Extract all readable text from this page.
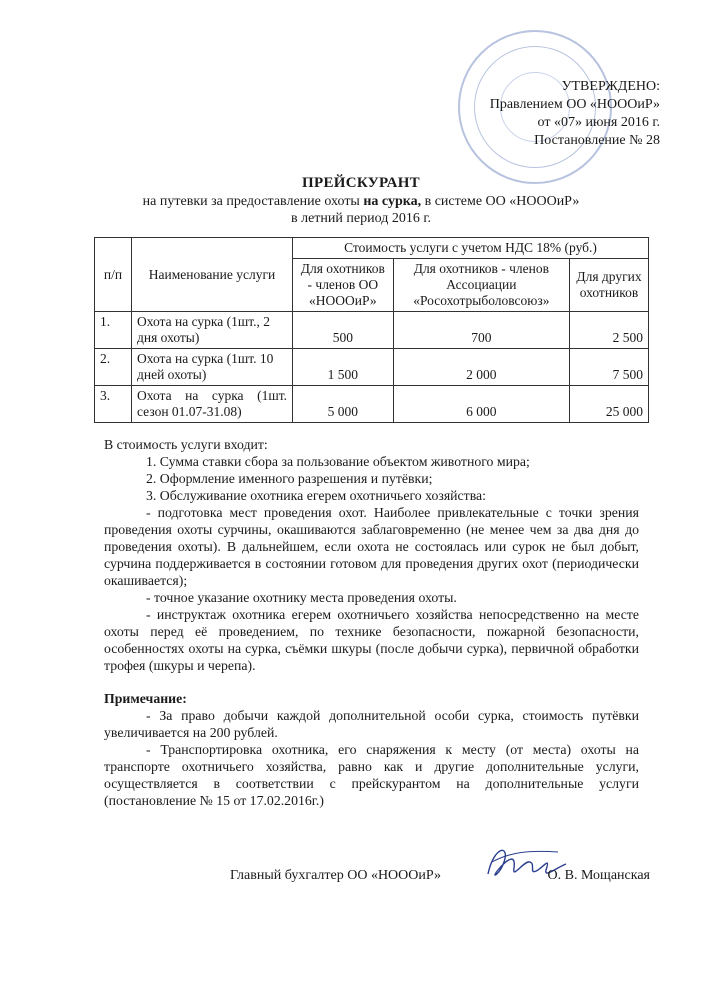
УТВЕРЖДЕНО:
Правлением ОО «НОООиР»
от «07» июня 2016 г.
Постановление № 28
ПРЕЙСКУРАНТ
на путевки за предоставление охоты на сурка, в системе ОО «НОООиР»
в летний период 2016 г.
п/п	Наименование услуги	Стоимость услуги с учетом НДС 18% (руб.)		
		Для охотников - членов ОО «НОООиР»	Для охотников - членов Ассоциации «Росохотрыболовсоюз»	Для других охотников
1.	Охота на сурка (1шт., 2 дня охоты)	500	700	2 500
2.	Охота на сурка (1шт. 10 дней охоты)	1 500	2 000	7 500
3.	Охота на сурка (1шт. сезон 01.07-31.08)	5 000	6 000	25 000
В стоимость услуги входит:
1. Сумма ставки сбора за пользование объектом животного мира;
2. Оформление именного разрешения и путёвки;
3. Обслуживание охотника егерем охотничьего хозяйства:
- подготовка мест проведения охот. Наиболее привлекательные с точки зрения проведения охоты сурчины, окашиваются заблаговременно (не менее чем за два дня до проведения охоты). В дальнейшем, если охота не состоялась или сурок не был добыт, сурчина поддерживается в состоянии готовом для проведения других охот (периодически окашивается);
- точное указание охотнику места проведения охоты.
- инструктаж охотника егерем охотничьего хозяйства непосредственно на месте охоты перед её проведением, по технике безопасности, пожарной безопасности, особенностях охоты на сурка, съёмки шкуры (после добычи сурка), первичной обработки трофея (шкуры и черепа).
Примечание:
- За право добычи каждой дополнительной особи сурка, стоимость путёвки увеличивается на 200 рублей.
- Транспортировка охотника, его снаряжения к месту (от места) охоты на транспорте охотничьего хозяйства, равно как и другие дополнительные услуги, осуществляется в соответствии с прейскурантом на дополнительные услуги (постановление № 15 от 17.02.2016г.)
Главный бухгалтер ОО «НОООиР»	О. В. Мощанская
